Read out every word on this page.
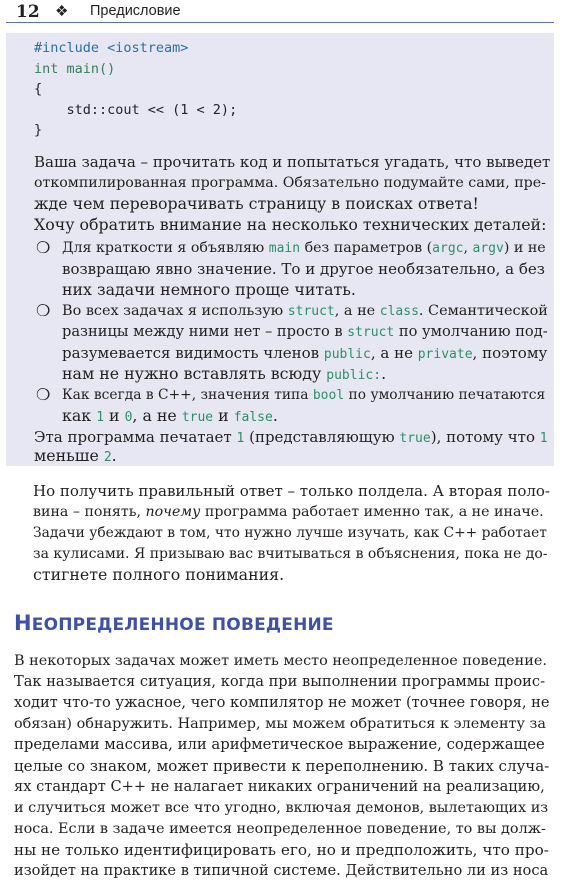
12 ❖ Предисловие
#include <iostream>
int main()
{
std::cout << (1 < 2);
}
Ваша задача – прочитать код и попытаться угадать, что выведет
откомпилированная программа. Обязательно подумайте сами, пре-
жде чем переворачивать страницу в поисках ответа!
Хочу обратить внимание на несколько технических деталей:
❍ Для краткости я объявляю main без параметров (argc, argv) и не
возвращаю явно значение. То и другое необязательно, а без
них задачи немного проще читать.
❍ Во всех задачах я использую struct, а не class. Семантической
разницы между ними нет – просто в struct по умолчанию под-
разумевается видимость членов public, а не private, поэтому
нам не нужно вставлять всюду public:.
❍ Как всегда в C++, значения типа bool по умолчанию печатаются
как 1 и 0, а не true и false.
Эта программа печатает 1 (представляющую true), потому что 1
меньше 2.
Но получить правильный ответ – только полдела. А вторая поло-
вина – понять, почему программа работает именно так, а не иначе.
Задачи убеждают в том, что нужно лучше изучать, как C++ работает
за кулисами. Я призываю вас вчитываться в объяснения, пока не до-
стигнете полного понимания.
НЕОПРЕДЕЛЕННОЕ ПОВЕДЕНИЕ
В некоторых задачах может иметь место неопределенное поведение.
Так называется ситуация, когда при выполнении программы проис-
ходит что-то ужасное, чего компилятор не может (точнее говоря, не
обязан) обнаружить. Например, мы можем обратиться к элементу за
пределами массива, или арифметическое выражение, содержащее
целые со знаком, может привести к переполнению. В таких случа-
ях стандарт C++ не налагает никаких ограничений на реализацию,
и случиться может все что угодно, включая демонов, вылетающих из
носа. Если в задаче имеется неопределенное поведение, то вы долж-
ны не только идентифицировать его, но и предположить, что про-
изойдет на практике в типичной системе. Действительно ли из носа
